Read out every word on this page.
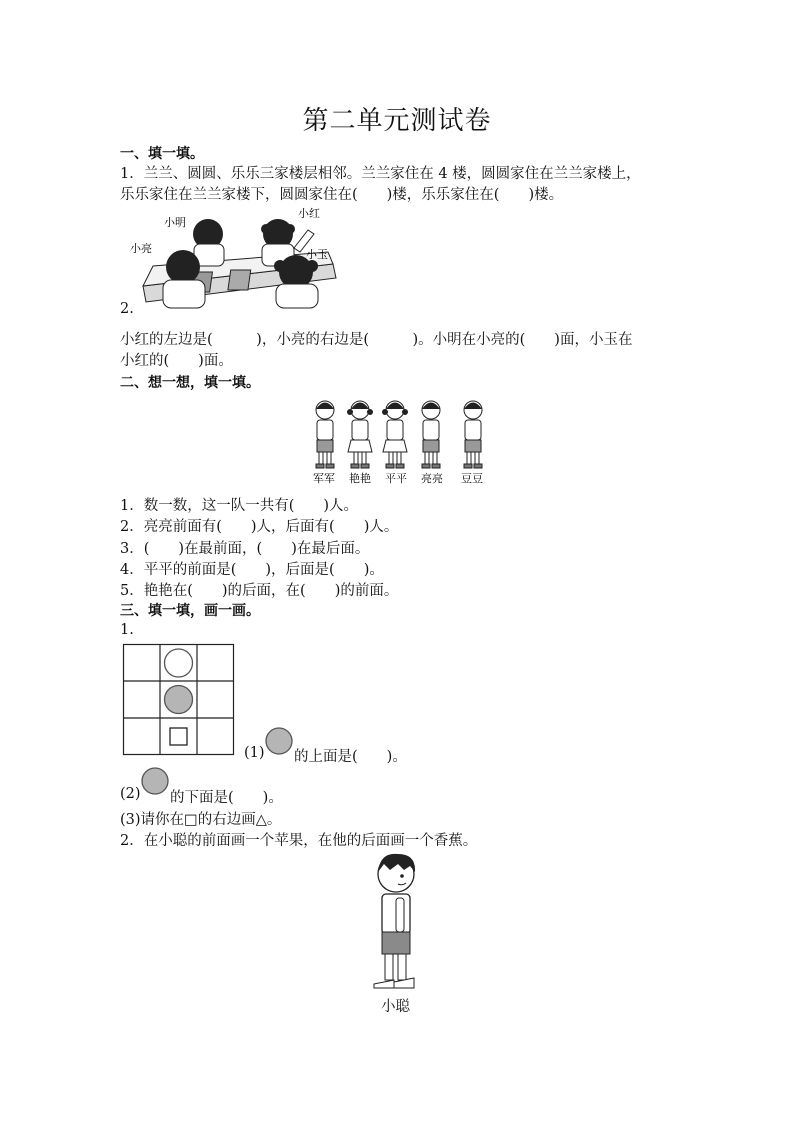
第二单元测试卷
一、填一填。
1．兰兰、圆圆、乐乐三家楼层相邻。兰兰家住在 4 楼，圆圆家住在兰兰家楼上，
乐乐家住在兰兰家楼下，圆圆家住在(　　)楼，乐乐家住在(　　)楼。
小明
小红
小亮	小玉
2.
小红的左边是(　　　)，小亮的右边是(　　　)。小明在小亮的(　　)面，小玉在
小红的(　　)面。
二、想一想，填一填。
军军 艳艳 平平 亮亮 豆豆
1．数一数，这一队一共有(　　)人。
2．亮亮前面有(　　)人，后面有(　　)人。
3．(　　)在最前面，(　　)在最后面。
4．平平的前面是(　　)，后面是(　　)。
5．艳艳在(　　)的后面，在(　　)的前面。
三、填一填，画一画。
1.
(1) 的上面是(　　)。
(2) 的下面是(　　)。
(3)请你在□的右边画△。
2．在小聪的前面画一个苹果，在他的后面画一个香蕉。
小聪
